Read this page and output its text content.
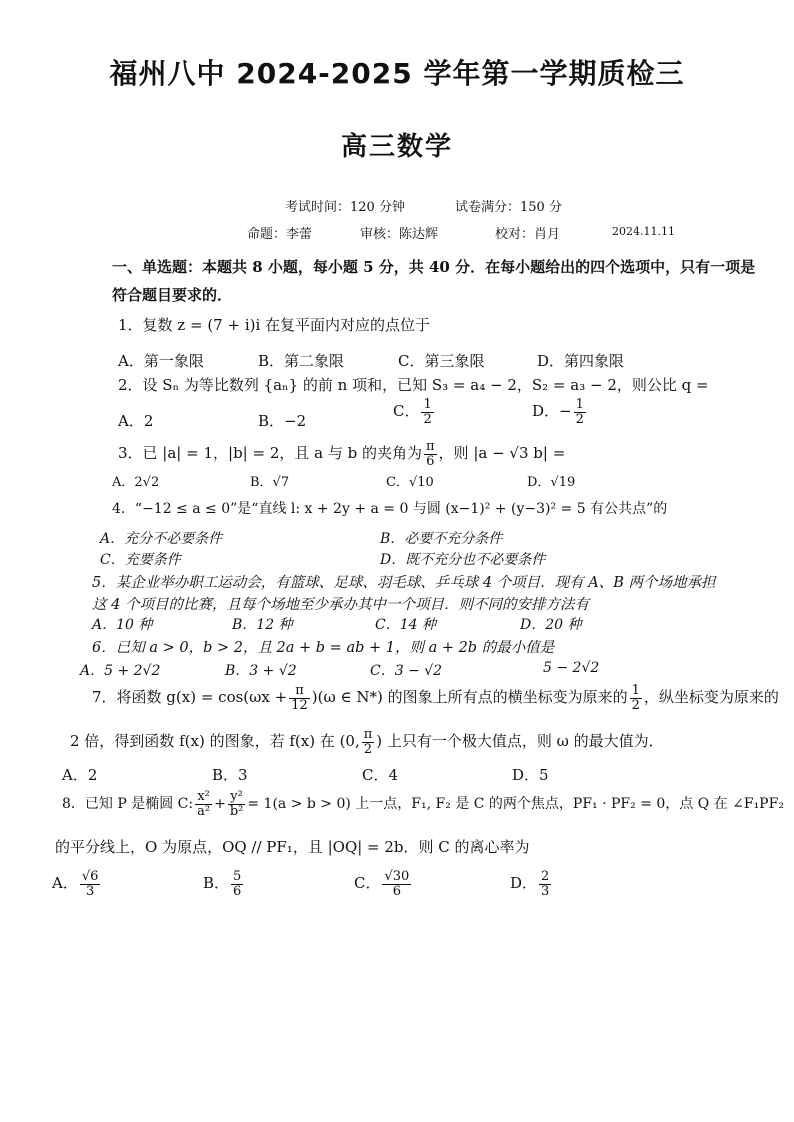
福州八中 2024-2025 学年第一学期质检三
高三数学
考试时间：120 分钟	试卷满分：150 分
命题：李蕾	审核：陈达辉	校对：肖月	2024.11.11
一、单选题：本题共 8 小题，每小题 5 分，共 40 分．在每小题给出的四个选项中，只有一项是
符合题目要求的．
1．复数 z = (7 + i)i 在复平面内对应的点位于
A．第一象限	B．第二象限	C．第三象限	D．第四象限
2．设 Sₙ 为等比数列 {aₙ} 的前 n 项和，已知 S₃ = a₄ − 2，S₂ = a₃ − 2，则公比 q =
A．2	B．−2
C． $\frac{1}{2}$	D．− $\frac{1}{2}$
3．已 |a| = 1，|b| = 2，且 a 与 b 的夹角为 $\frac{\pi}{6}$ ，则 |a − √3 b| =
A．2√2	B．√7	C．√10	D．√19
4．“−12 ≤ a ≤ 0”是“直线 l: x + 2y + a = 0 与圆 (x−1)² + (y−3)² = 5 有公共点”的
A．充分不必要条件	B．必要不充分条件
C．充要条件	D．既不充分也不必要条件
5．某企业举办职工运动会，有篮球、足球、羽毛球、乒乓球 4 个项目．现有 A、B 两个场地承担
这 4 个项目的比赛，且每个场地至少承办其中一个项目．则不同的安排方法有
A．10 种	B．12 种	C．14 种	D．20 种
6．已知 a > 0，b > 2，且 2a + b = ab + 1，则 a + 2b 的最小值是
A．5 + 2√2	B．3 + √2	C．3 − √2	5 − 2√2
7．将函数 $g(x) = \cos(\omega x + \frac{\pi}{12} )(\omega$ ∈ N*) 的图象上所有点的横坐标变为原来的 $\frac{1}{2}$ ，纵坐标变为原来的
2 倍，得到函数 f(x) 的图象，若 f(x) 在 (0, $\frac{\pi}{2}$ ) 上只有一个极大值点，则 ω 的最大值为．
A．2	B．3	C．4	D．5
8．已知 P 是椭圆 C: $\frac{\text{x²}}{\text{a²}} + \frac{\text{y²}}{\text{b²}} = 1(a > b > 0)$ 上一点，F₁, F₂ 是 C 的两个焦点，PF₁ · PF₂ = 0，点 Q 在 ∠F₁PF₂
的平分线上，O 为原点，OQ // PF₁，且 |OQ| = 2b．则 C 的离心率为
A． $\frac{√6}{3}$	B． $\frac{5}{6}$	C． $\frac{√30}{6}$	D． $\frac{2}{3}$
